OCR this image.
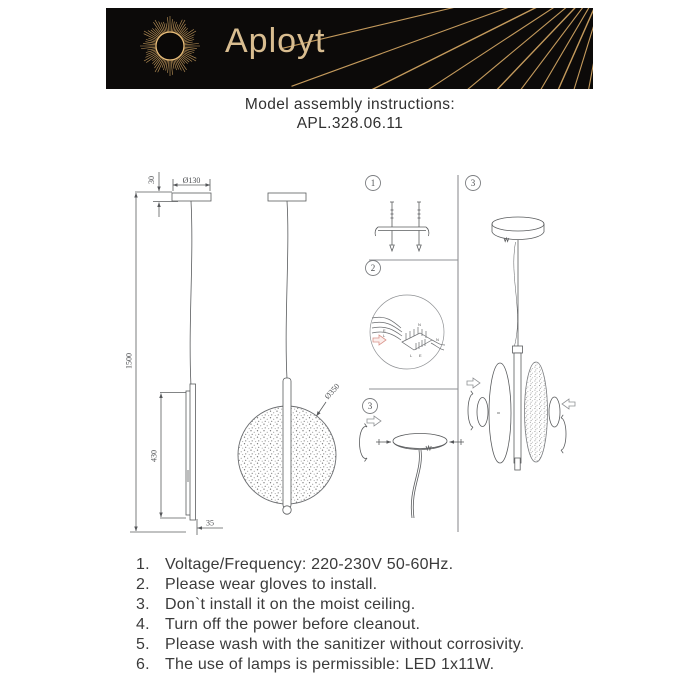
Aployt
Model assembly instructions:
APL.328.06.11
Ø130
30
1500
430
35
Ø350
1
2
N
E
L
N
L E
3
3
1. Voltage/Frequency: 220-230V 50-60Hz.
2. Please wear gloves to install.
3. Don`t install it on the moist ceiling.
4. Turn off the power before cleanout.
5. Please wash with the sanitizer without corrosivity.
6. The use of lamps is permissible: LED 1x11W.
